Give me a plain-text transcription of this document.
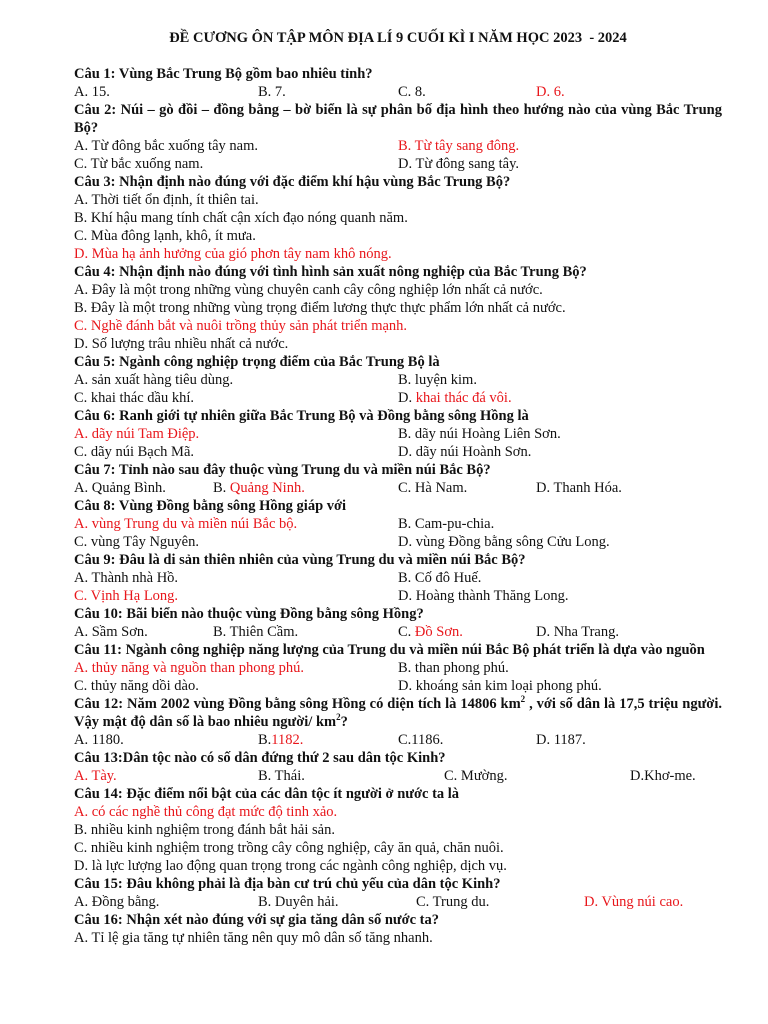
ĐỀ CƯƠNG ÔN TẬP MÔN ĐỊA LÍ 9 CUỐI KÌ I NĂM HỌC 2023  - 2024
Câu 1: Vùng Bắc Trung Bộ gồm bao nhiêu tỉnh?
A. 15.	B. 7.	C. 8.	D. 6.
Câu 2: Núi – gò đồi – đồng bằng – bờ biển là sự phân bố địa hình theo hướng nào của vùng Bắc Trung Bộ?
A. Từ đông bắc xuống tây nam.	B. Từ tây sang đông.
C. Từ bắc xuống nam.	D. Từ đông sang tây.
Câu 3: Nhận định nào đúng với đặc điểm khí hậu vùng Bắc Trung Bộ?
A. Thời tiết ổn định, ít thiên tai.
B. Khí hậu mang tính chất cận xích đạo nóng quanh năm.
C. Mùa đông lạnh, khô, ít mưa.
D. Mùa hạ ảnh hưởng của gió phơn tây nam khô nóng.
Câu 4: Nhận định nào đúng với tình hình sản xuất nông nghiệp của Bắc Trung Bộ?
A. Đây là một trong những vùng chuyên canh cây công nghiệp lớn nhất cả nước.
B. Đây là một trong những vùng trọng điểm lương thực thực phẩm lớn nhất cả nước.
C. Nghề đánh bắt và nuôi trồng thủy sản phát triển mạnh.
D. Số lượng trâu nhiều nhất cả nước.
Câu 5: Ngành công nghiệp trọng điểm của Bắc Trung Bộ là
A. sản xuất hàng tiêu dùng.	B. luyện kim.
C. khai thác dầu khí.	D. khai thác đá vôi.
Câu 6: Ranh giới tự nhiên giữa Bắc Trung Bộ và Đồng bằng sông Hồng là
A. dãy núi Tam Điệp.	B. dãy núi Hoàng Liên Sơn.
C. dãy núi Bạch Mã.	D. dãy núi Hoành Sơn.
Câu 7: Tỉnh nào sau đây thuộc vùng Trung du và miền núi Bắc Bộ?
A. Quảng Bình.	B. Quảng Ninh.	C. Hà Nam.	D. Thanh Hóa.
Câu 8: Vùng Đồng bằng sông Hồng giáp với
A. vùng Trung du và miền núi Bắc bộ.	B. Cam-pu-chia.
C. vùng Tây Nguyên.	D. vùng Đồng bằng sông Cửu Long.
Câu 9: Đâu là di sản thiên nhiên của vùng Trung du và miền núi Bắc Bộ?
A. Thành nhà Hồ.	B. Cố đô Huế.
C. Vịnh Hạ Long.	D. Hoàng thành Thăng Long.
Câu 10: Bãi biển nào thuộc vùng Đồng bằng sông Hồng?
A. Sầm Sơn.	B. Thiên Cầm.	C. Đồ Sơn.	D. Nha Trang.
Câu 11: Ngành công nghiệp năng lượng của Trung du và miền núi Bắc Bộ phát triển là dựa vào nguồn
A. thủy năng và nguồn than phong phú.	B. than phong phú.
C. thủy năng dồi dào.	D. khoáng sản kim loại phong phú.
Câu 12: Năm 2002 vùng Đồng bằng sông Hồng có diện tích là 14806 $km^2$ , với số dân là 17,5 triệu người. Vậy mật độ dân số là bao nhiêu người/ $km^2$?
A. 1180.	B.1182.	C.1186.	D. 1187.
Câu 13:Dân tộc nào có số dân đứng thứ 2 sau dân tộc Kinh?
A. Tày.	B. Thái.	C. Mường.	D.Khơ-me.
Câu 14: Đặc điểm nổi bật của các dân tộc ít người ở nước ta là
A. có các nghề thủ công đạt mức độ tinh xảo.
B. nhiều kinh nghiệm trong đánh bắt hải sản.
C. nhiều kinh nghiệm trong trồng cây công nghiệp, cây ăn quả, chăn nuôi.
D. là lực lượng lao động quan trọng trong các ngành công nghiệp, dịch vụ.
Câu 15: Đâu không phải là địa bàn cư trú chủ yếu của dân tộc Kinh?
A. Đồng bằng.	B. Duyên hải.	C. Trung du.	D. Vùng núi cao.
Câu 16: Nhận xét nào đúng với sự gia tăng dân số nước ta?
A. Tỉ lệ gia tăng tự nhiên tăng nên quy mô dân số tăng nhanh.
